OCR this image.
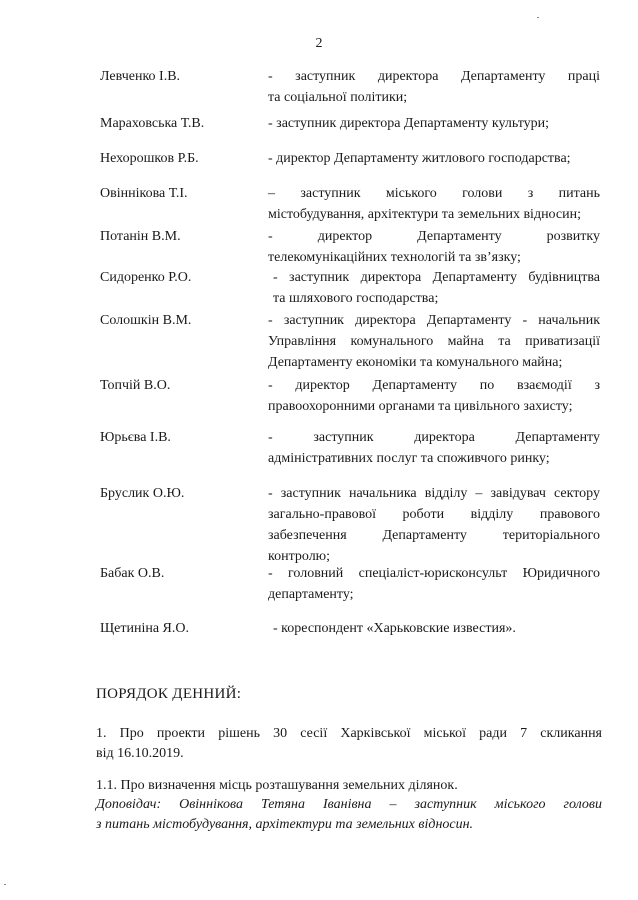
2
Левченко І.В.	- заступник директора Департаменту праці
та соціальної політики;
Мараховська Т.В.	- заступник директора Департаменту культури;
Нехорошков Р.Б.	- директор Департаменту житлового господарства;
Овіннікова Т.І.	– заступник міського голови з питань
містобудування, архітектури та земельних відносин;
Потанін В.М.	- директор Департаменту розвитку
телекомунікаційних технологій та зв’язку;
Сидоренко Р.О.	- заступник директора Департаменту будівництва
та шляхового господарства;
Солошкін В.М.	- заступник директора Департаменту - начальник
Управління комунального майна та приватизації
Департаменту економіки та комунального майна;
Топчій В.О.	- директор Департаменту по взаємодії з
правоохоронними органами та цивільного захисту;
Юрьєва І.В.	- заступник директора Департаменту
адміністративних послуг та споживчого ринку;
Бруслик О.Ю.	- заступник начальника відділу – завідувач сектору
загально-правової роботи відділу правового
забезпечення Департаменту територіального
контролю;
Бабак О.В.	- головний спеціаліст-юрисконсульт Юридичного
департаменту;
Щетиніна Я.О.	- кореспондент «Харьковские известия».
ПОРЯДОК ДЕННИЙ:
1. Про проекти рішень 30 сесії Харківської міської ради 7 скликання
від 16.10.2019.
1.1. Про визначення місць розташування земельних ділянок.
Доповідач: Овіннікова Тетяна Іванівна – заступник міського голови
з питань містобудування, архітектури та земельних відносин.
